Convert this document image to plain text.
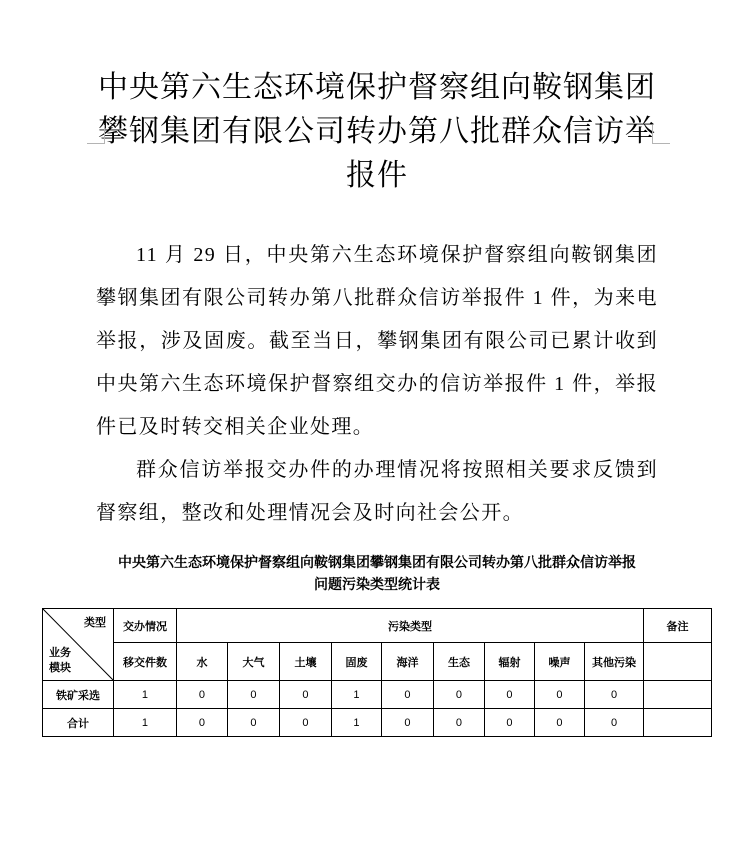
中央第六生态环境保护督察组向鞍钢集团攀钢集团有限公司转办第八批群众信访举报件

11 月 29 日，中央第六生态环境保护督察组向鞍钢集团攀钢集团有限公司转办第八批群众信访举报件 1 件，为来电举报，涉及固废。截至当日，攀钢集团有限公司已累计收到中央第六生态环境保护督察组交办的信访举报件 1 件，举报件已及时转交相关企业处理。

群众信访举报交办件的办理情况将按照相关要求反馈到督察组，整改和处理情况会及时向社会公开。

中央第六生态环境保护督察组向鞍钢集团攀钢集团有限公司转办第八批群众信访举报问题污染类型统计表
类型
业务模块	交办情况	污染类型									备注
	移交件数	水	大气	土壤	固废	海洋	生态	辐射	噪声	其他污染	
铁矿采选	1	0	0	0	1	0	0	0	0	0	
合计	1	0	0	0	1	0	0	0	0	0	
